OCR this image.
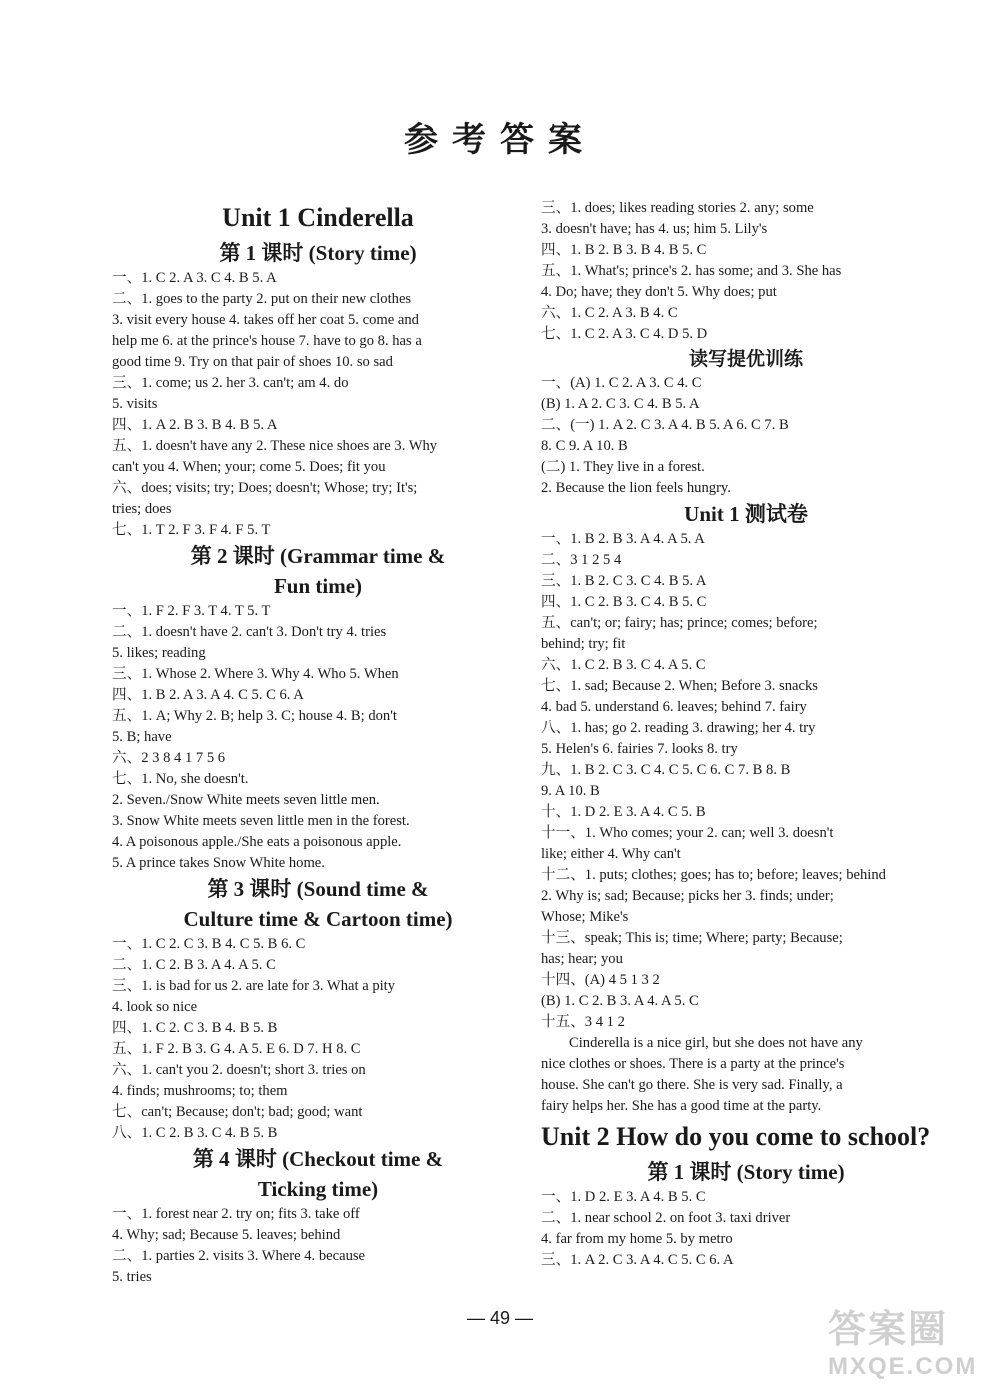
参考答案
Unit 1 Cinderella
第 1 课时 (Story time)
一、1. C 2. A 3. C 4. B 5. A
二、1. goes to the party 2. put on their new clothes
3. visit every house 4. takes off her coat 5. come and
help me 6. at the prince's house 7. have to go 8. has a
good time 9. Try on that pair of shoes 10. so sad
三、1. come; us 2. her 3. can't; am 4. do
5. visits
四、1. A 2. B 3. B 4. B 5. A
五、1. doesn't have any 2. These nice shoes are 3. Why
can't you 4. When; your; come 5. Does; fit you
六、does; visits; try; Does; doesn't; Whose; try; It's;
tries; does
七、1. T 2. F 3. F 4. F 5. T
第 2 课时 (Grammar time &
Fun time)
一、1. F 2. F 3. T 4. T 5. T
二、1. doesn't have 2. can't 3. Don't try 4. tries
5. likes; reading
三、1. Whose 2. Where 3. Why 4. Who 5. When
四、1. B 2. A 3. A 4. C 5. C 6. A
五、1. A; Why 2. B; help 3. C; house 4. B; don't
5. B; have
六、2 3 8 4 1 7 5 6
七、1. No, she doesn't.
2. Seven./Snow White meets seven little men.
3. Snow White meets seven little men in the forest.
4. A poisonous apple./She eats a poisonous apple.
5. A prince takes Snow White home.
第 3 课时 (Sound time &
Culture time & Cartoon time)
一、1. C 2. C 3. B 4. C 5. B 6. C
二、1. C 2. B 3. A 4. A 5. C
三、1. is bad for us 2. are late for 3. What a pity
4. look so nice
四、1. C 2. C 3. B 4. B 5. B
五、1. F 2. B 3. G 4. A 5. E 6. D 7. H 8. C
六、1. can't you 2. doesn't; short 3. tries on
4. finds; mushrooms; to; them
七、can't; Because; don't; bad; good; want
八、1. C 2. B 3. C 4. B 5. B
第 4 课时 (Checkout time &
Ticking time)
一、1. forest near 2. try on; fits 3. take off
4. Why; sad; Because 5. leaves; behind
二、1. parties 2. visits 3. Where 4. because
5. tries
三、1. does; likes reading stories 2. any; some
3. doesn't have; has 4. us; him 5. Lily's
四、1. B 2. B 3. B 4. B 5. C
五、1. What's; prince's 2. has some; and 3. She has
4. Do; have; they don't 5. Why does; put
六、1. C 2. A 3. B 4. C
七、1. C 2. A 3. C 4. D 5. D
读写提优训练
一、(A) 1. C 2. A 3. C 4. C
(B) 1. A 2. C 3. C 4. B 5. A
二、(一) 1. A 2. C 3. A 4. B 5. A 6. C 7. B
8. C 9. A 10. B
(二) 1. They live in a forest.
2. Because the lion feels hungry.
Unit 1 测试卷
一、1. B 2. B 3. A 4. A 5. A
二、3 1 2 5 4
三、1. B 2. C 3. C 4. B 5. A
四、1. C 2. B 3. C 4. B 5. C
五、can't; or; fairy; has; prince; comes; before;
behind; try; fit
六、1. C 2. B 3. C 4. A 5. C
七、1. sad; Because 2. When; Before 3. snacks
4. bad 5. understand 6. leaves; behind 7. fairy
八、1. has; go 2. reading 3. drawing; her 4. try
5. Helen's 6. fairies 7. looks 8. try
九、1. B 2. C 3. C 4. C 5. C 6. C 7. B 8. B
9. A 10. B
十、1. D 2. E 3. A 4. C 5. B
十一、1. Who comes; your 2. can; well 3. doesn't
like; either 4. Why can't
十二、1. puts; clothes; goes; has to; before; leaves; behind
2. Why is; sad; Because; picks her 3. finds; under;
Whose; Mike's
十三、speak; This is; time; Where; party; Because;
has; hear; you
十四、(A) 4 5 1 3 2
(B) 1. C 2. B 3. A 4. A 5. C
十五、3 4 1 2
Cinderella is a nice girl, but she does not have any
nice clothes or shoes. There is a party at the prince's
house. She can't go there. She is very sad. Finally, a
fairy helps her. She has a good time at the party.
Unit 2 How do you come to school?
第 1 课时 (Story time)
一、1. D 2. E 3. A 4. B 5. C
二、1. near school 2. on foot 3. taxi driver
4. far from my home 5. by metro
三、1. A 2. C 3. A 4. C 5. C 6. A
— 49 —	答案圈
MXQE.COM
